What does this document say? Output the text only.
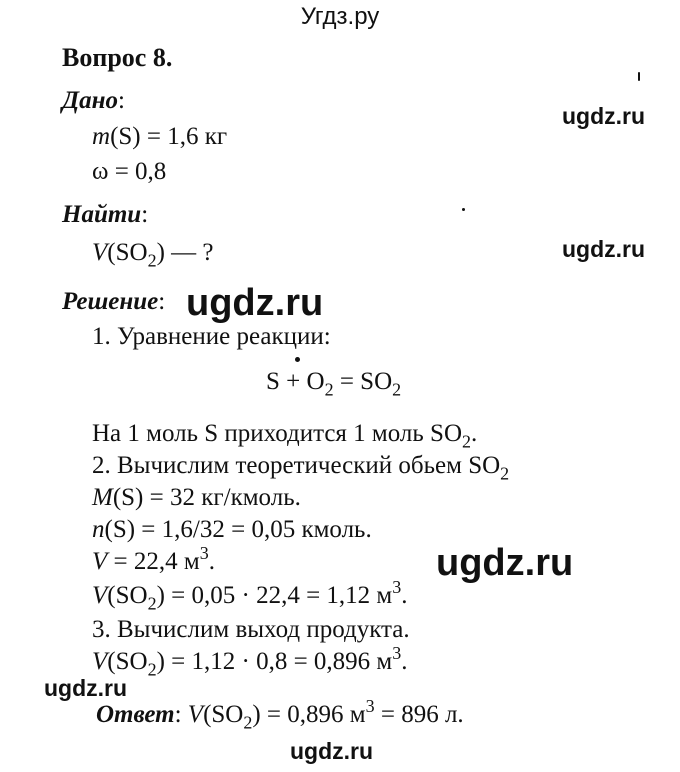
Угдз.ру
Вопрос 8.
Дано:
m(S) = 1,6 кг
ω = 0,8
Найти:
$V(SO_2)$ — ?
Решение:
1. Уравнение реакции:
$S + O_2 = SO_2$
На 1 моль S приходится 1 моль $SO_2$.
2. Вычислим теоретический обьем $SO_2$
M(S) = 32 кг/кмоль.
n(S) = 1,6/32 = 0,05 кмоль.
V = 22,4 $м^3$.
$V(SO_2) = 0,05 \cdot 22,4 = 1,12$ $м^3$.
3. Вычислим выход продукта.
$V(SO_2) = 1,12 \cdot 0,8 = 0,896$ $м^3$.
Ответ: $V(SO_2) = 0,896$ $м^3 = 896$ л.
ugdz.ru
ugdz.ru
ugdz.ru
ugdz.ru
ugdz.ru
ugdz.ru
